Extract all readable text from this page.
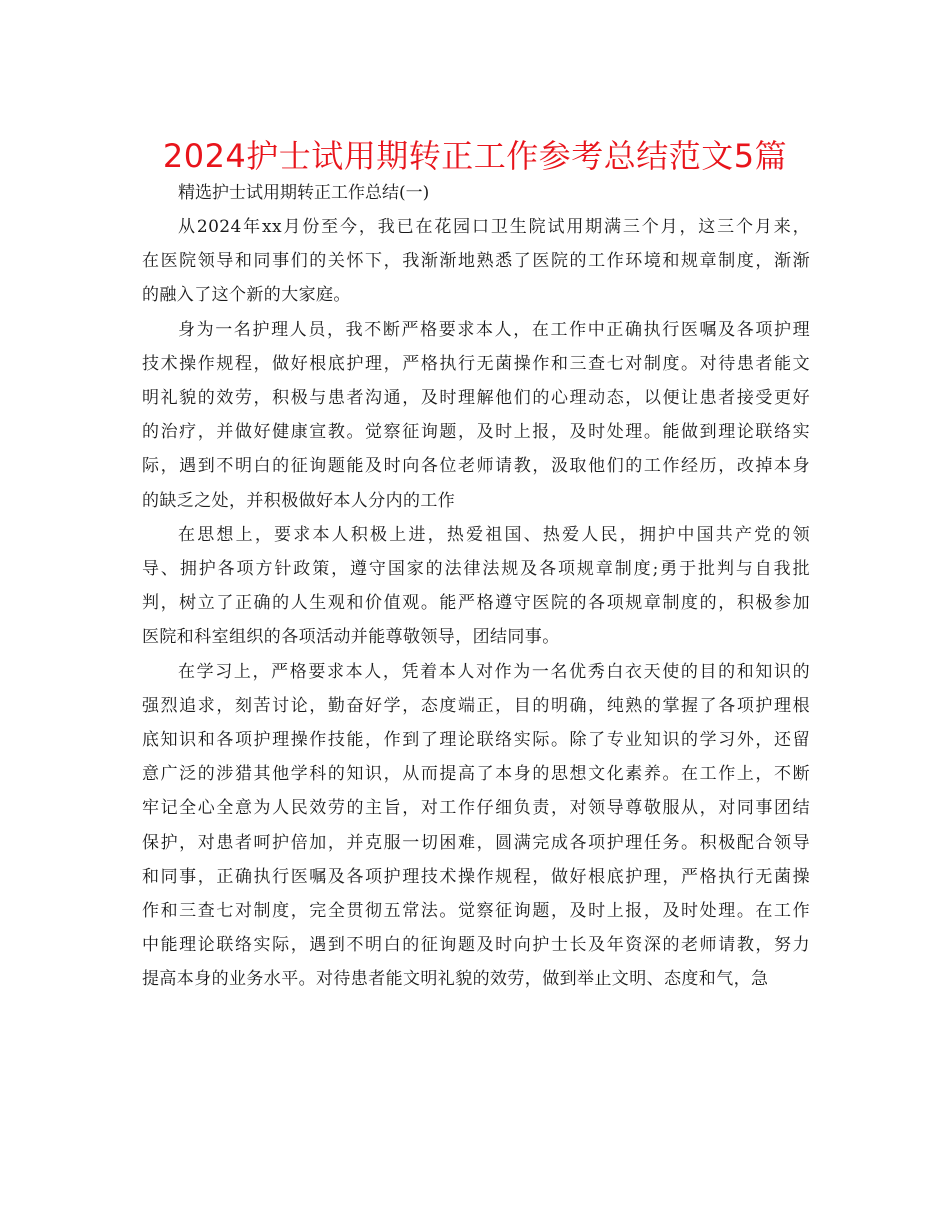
2024护士试用期转正工作参考总结范文5篇

精选护士试用期转正工作总结(一)

从2024年xx月份至今，我已在花园口卫生院试用期满三个月，这三个月来，
在医院领导和同事们的关怀下，我渐渐地熟悉了医院的工作环境和规章制度，渐渐
的融入了这个新的大家庭。

身为一名护理人员，我不断严格要求本人，在工作中正确执行医嘱及各项护理
技术操作规程，做好根底护理，严格执行无菌操作和三查七对制度。对待患者能文
明礼貌的效劳，积极与患者沟通，及时理解他们的心理动态，以便让患者接受更好
的治疗，并做好健康宣教。觉察征询题，及时上报，及时处理。能做到理论联络实
际，遇到不明白的征询题能及时向各位老师请教，汲取他们的工作经历，改掉本身
的缺乏之处，并积极做好本人分内的工作

在思想上，要求本人积极上进，热爱祖国、热爱人民，拥护中国共产党的领
导、拥护各项方针政策，遵守国家的法律法规及各项规章制度;勇于批判与自我批
判，树立了正确的人生观和价值观。能严格遵守医院的各项规章制度的，积极参加
医院和科室组织的各项活动并能尊敬领导，团结同事。

在学习上，严格要求本人，凭着本人对作为一名优秀白衣天使的目的和知识的
强烈追求，刻苦讨论，勤奋好学，态度端正，目的明确，纯熟的掌握了各项护理根
底知识和各项护理操作技能，作到了理论联络实际。除了专业知识的学习外，还留
意广泛的涉猎其他学科的知识，从而提高了本身的思想文化素养。在工作上，不断
牢记全心全意为人民效劳的主旨，对工作仔细负责，对领导尊敬服从，对同事团结
保护，对患者呵护倍加，并克服一切困难，圆满完成各项护理任务。积极配合领导
和同事，正确执行医嘱及各项护理技术操作规程，做好根底护理，严格执行无菌操
作和三查七对制度，完全贯彻五常法。觉察征询题，及时上报，及时处理。在工作
中能理论联络实际，遇到不明白的征询题及时向护士长及年资深的老师请教，努力
提高本身的业务水平。对待患者能文明礼貌的效劳，做到举止文明、态度和气，急
